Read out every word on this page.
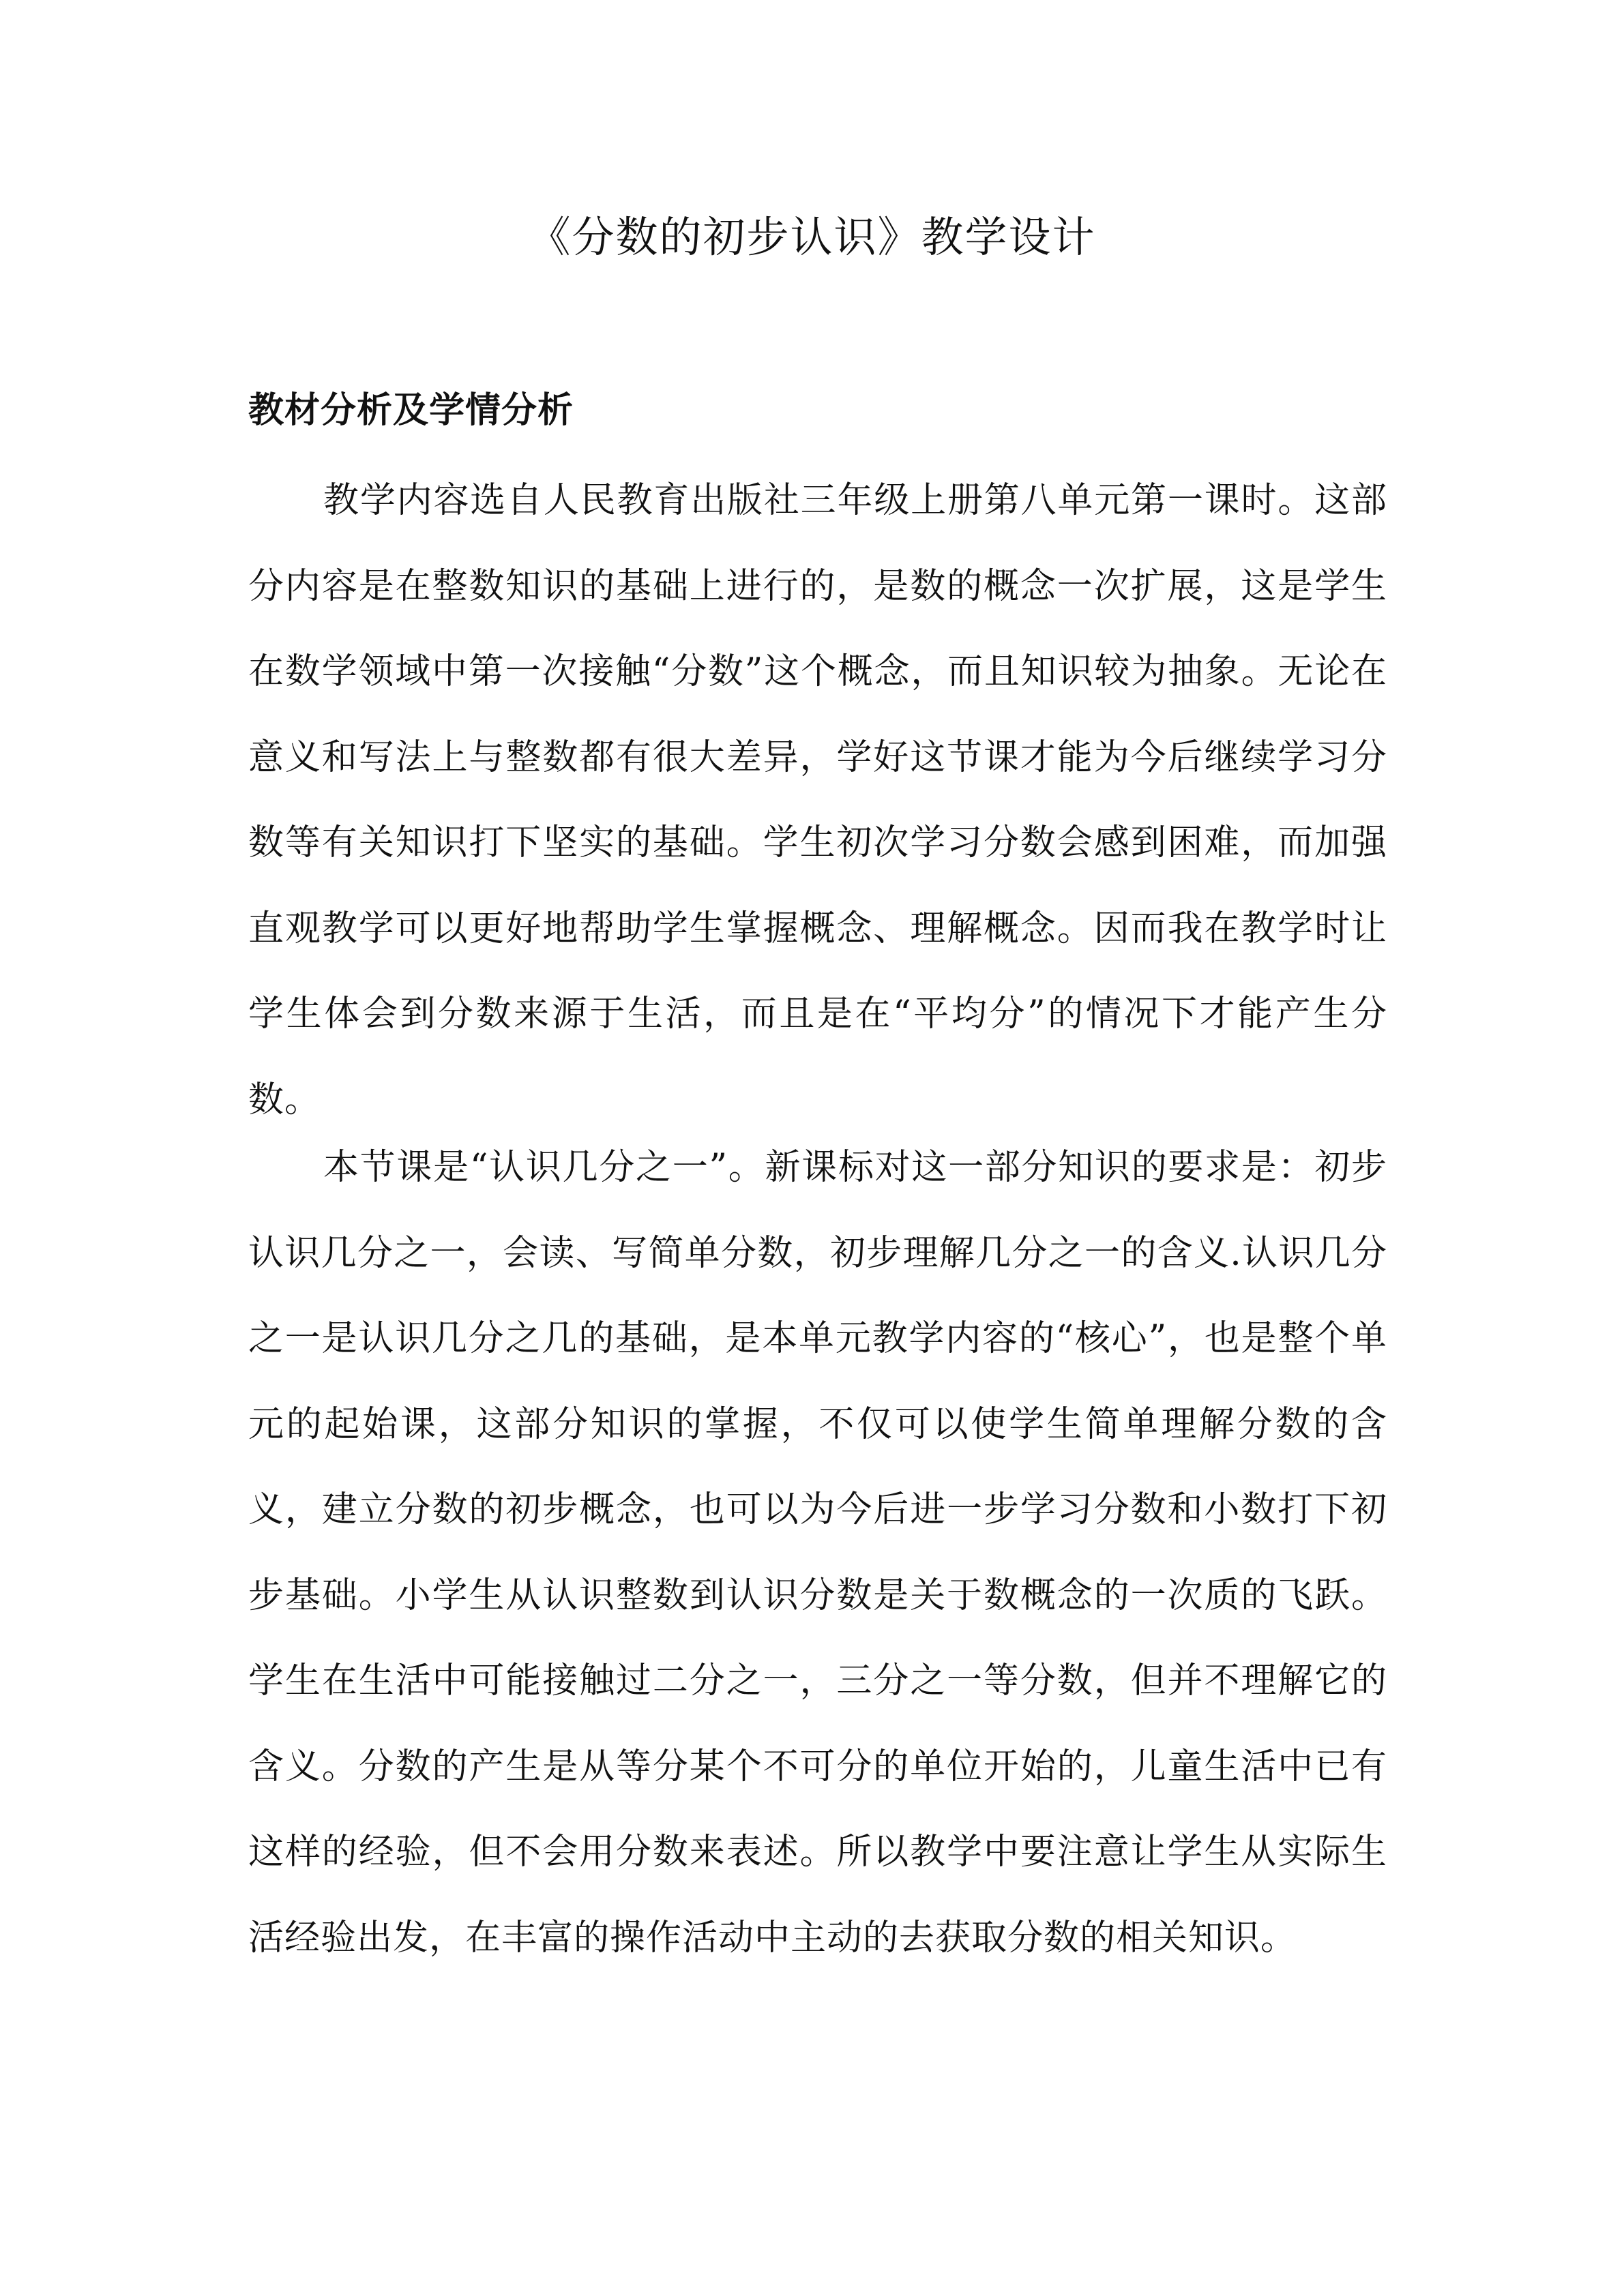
《分数的初步认识》教学设计
教材分析及学情分析

教学内容选自人民教育出版社三年级上册第八单元第一课时。这部分内容是在整数知识的基础上进行的，是数的概念一次扩展，这是学生在数学领域中第一次接触“分数”这个概念，而且知识较为抽象。无论在意义和写法上与整数都有很大差异，学好这节课才能为今后继续学习分数等有关知识打下坚实的基础。学生初次学习分数会感到困难，而加强直观教学可以更好地帮助学生掌握概念、理解概念。因而我在教学时让学生体会到分数来源于生活，而且是在“平均分”的情况下才能产生分数。

本节课是“认识几分之一”。新课标对这一部分知识的要求是：初步认识几分之一，会读、写简单分数，初步理解几分之一的含义.认识几分之一是认识几分之几的基础，是本单元教学内容的“核心”，也是整个单元的起始课，这部分知识的掌握，不仅可以使学生简单理解分数的含义，建立分数的初步概念，也可以为今后进一步学习分数和小数打下初步基础。小学生从认识整数到认识分数是关于数概念的一次质的飞跃。学生在生活中可能接触过二分之一，三分之一等分数，但并不理解它的含义。分数的产生是从等分某个不可分的单位开始的，儿童生活中已有这样的经验，但不会用分数来表述。所以教学中要注意让学生从实际生活经验出发，在丰富的操作活动中主动的去获取分数的相关知识。
